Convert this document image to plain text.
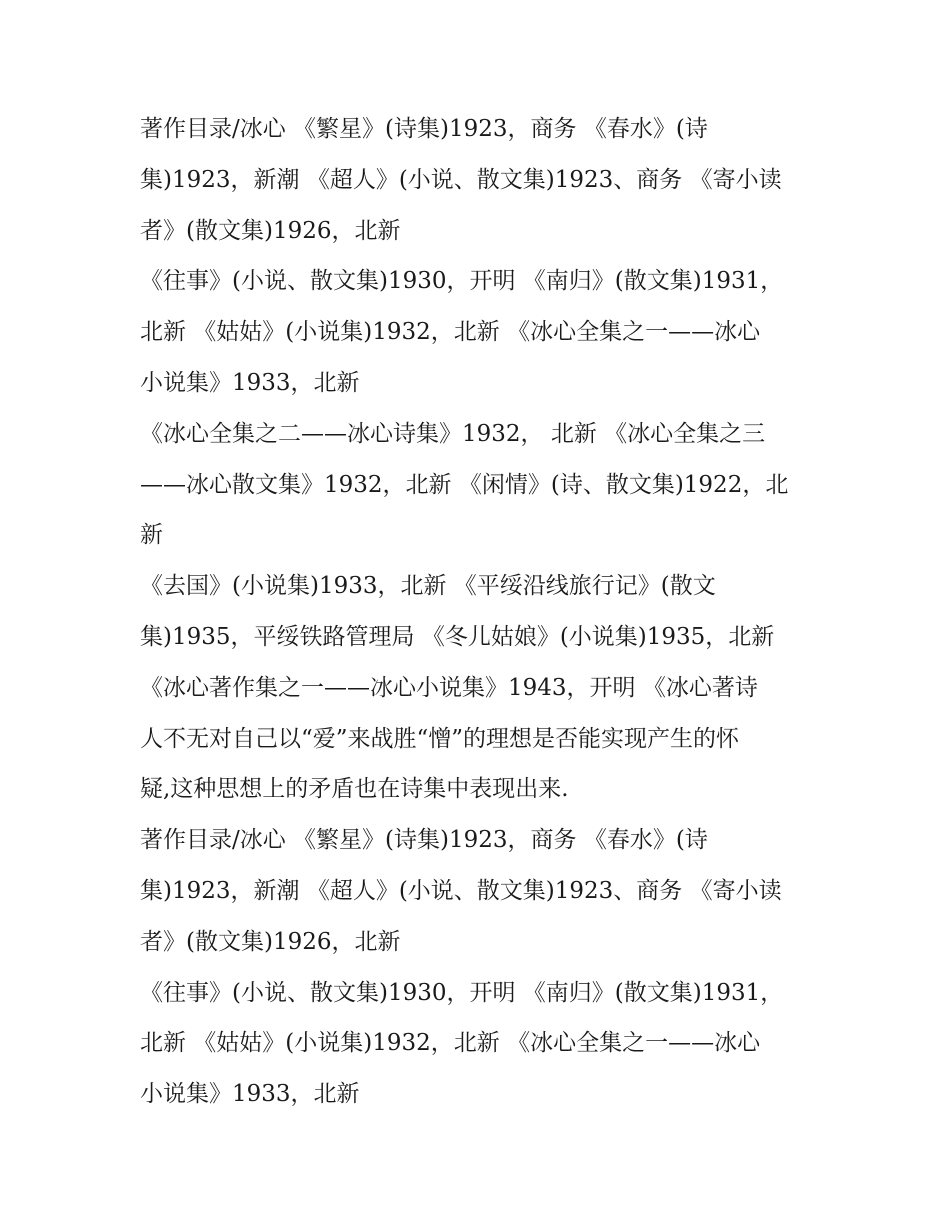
著作目录/冰心 《繁星》(诗集)1923，商务 《春水》(诗
集)1923，新潮 《超人》(小说、散文集)1923、商务 《寄小读
者》(散文集)1926，北新
《往事》(小说、散文集)1930，开明 《南归》(散文集)1931，
北新 《姑姑》(小说集)1932，北新 《冰心全集之一——冰心
小说集》1933，北新
《冰心全集之二——冰心诗集》1932， 北新 《冰心全集之三
——冰心散文集》1932，北新 《闲情》(诗、散文集)1922，北
新
《去国》(小说集)1933，北新 《平绥沿线旅行记》(散文
集)1935，平绥铁路管理局 《冬儿姑娘》(小说集)1935，北新
《冰心著作集之一——冰心小说集》1943，开明 《冰心著诗
人不无对自己以“爱”来战胜“憎”的理想是否能实现产生的怀
疑,这种思想上的矛盾也在诗集中表现出来.
著作目录/冰心 《繁星》(诗集)1923，商务 《春水》(诗
集)1923，新潮 《超人》(小说、散文集)1923、商务 《寄小读
者》(散文集)1926，北新
《往事》(小说、散文集)1930，开明 《南归》(散文集)1931，
北新 《姑姑》(小说集)1932，北新 《冰心全集之一——冰心
小说集》1933，北新
